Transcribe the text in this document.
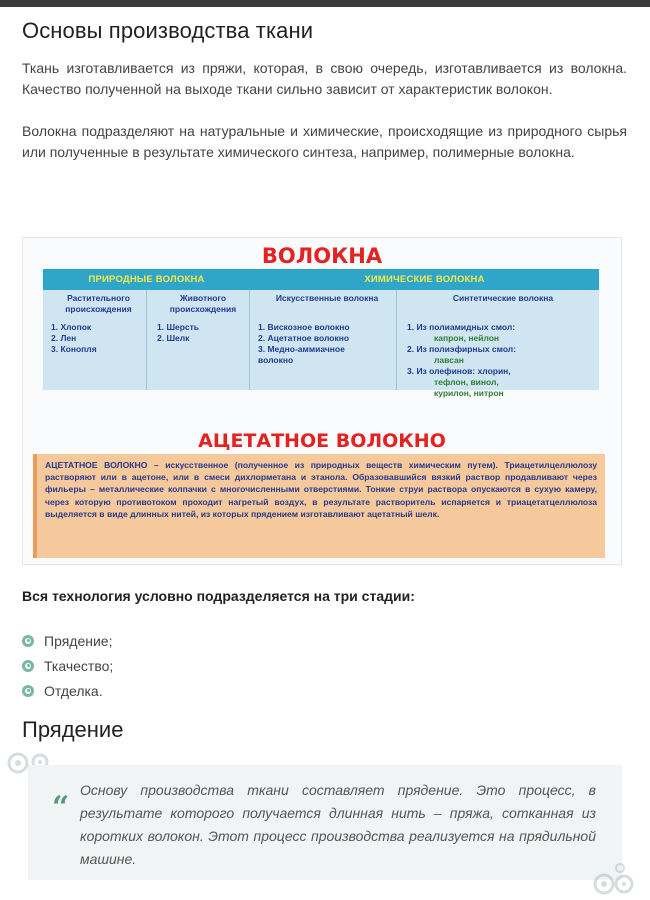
Основы производства ткани

Ткань изготавливается из пряжи, которая, в свою очередь, изготавливается из волокна. Качество полученной на выходе ткани сильно зависит от характеристик волокон.

Волокна подразделяют на натуральные и химические, происходящие из природного сырья или полученные в результате химического синтеза, например, полимерные волокна.

ВОЛОКНА
ПРИРОДНЫЕ ВОЛОКНА	ХИМИЧЕСКИЕ ВОЛОКНА
Растительного происхождения
1. Хлопок
2. Лен
3. Конопля
Животного происхождения
1. Шерсть
2. Шелк
Искусственные волокна
1. Вискозное волокно
2. Ацетатное волокно
3. Медно-аммиачное
волокно
Синтетические волокна
1. Из полиамидных смол:
капрон, нейлон
2. Из полиэфирных смол:
лавсан
3. Из олефинов: хлорин,
тефлон, винол,
курилон, нитрон
АЦЕТАТНОЕ ВОЛОКНО
АЦЕТАТНОЕ ВОЛОКНО – искусственное (полученное из природных веществ химическим путем). Триацетилцеллюлозу растворяют или в ацетоне, или в смеси дихлорметана и этанола. Образовавшийся вязкий раствор продавливают через фильеры – металлические колпачки с многочисленными отверстиями. Тонкие струи раствора опускаются в сухую камеру, через которую противотоком проходит нагретый воздух, в результате растворитель испаряется и триацетатцеллюлоза выделяется в виде длинных нитей, из которых прядением изготавливают ацетатный шелк.
Вся технология условно подразделяется на три стадии:
Прядение;
Ткачество;
Отделка.
Прядение
“ Основу производства ткани составляет прядение. Это процесс, в результате которого получается длинная нить – пряжа, сотканная из коротких волокон. Этот процесс производства реализуется на прядильной машине.
